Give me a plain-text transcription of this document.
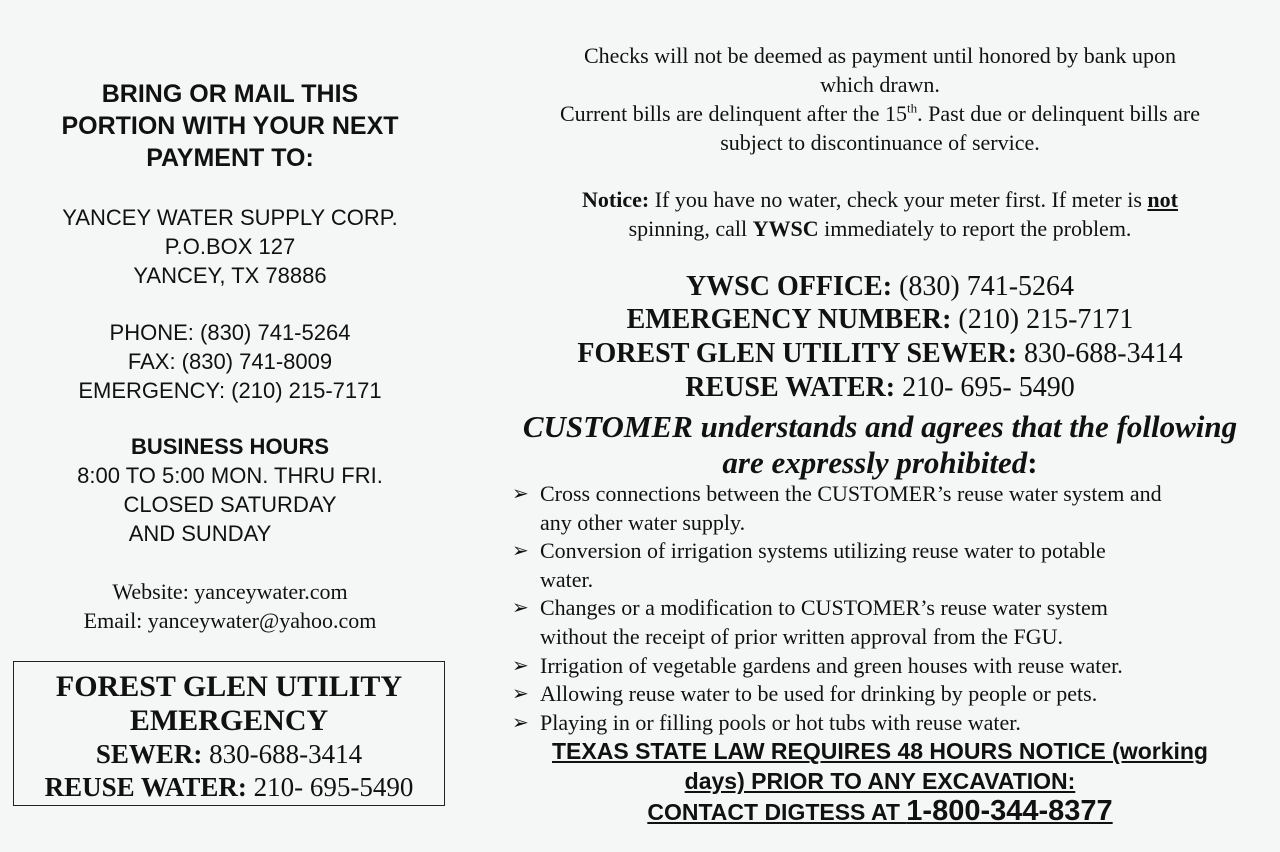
BRING OR MAIL THIS
PORTION WITH YOUR NEXT
PAYMENT TO:
YANCEY WATER SUPPLY CORP.
P.O.BOX 127
YANCEY, TX 78886
PHONE: (830) 741-5264
FAX: (830) 741-8009
EMERGENCY: (210) 215-7171
BUSINESS HOURS
8:00 TO 5:00 MON. THRU FRI.
CLOSED SATURDAY
AND SUNDAY
Website: yanceywater.com
Email: yanceywater@yahoo.com
FOREST GLEN UTILITY
EMERGENCY
SEWER: 830-688-3414
REUSE WATER: 210- 695-5490
Checks will not be deemed as payment until honored by bank upon
which drawn.
Current bills are delinquent after the 15th. Past due or delinquent bills are
subject to discontinuance of service.
Notice: If you have no water, check your meter first. If meter is not
spinning, call YWSC immediately to report the problem.
YWSC OFFICE: (830) 741-5264
EMERGENCY NUMBER: (210) 215-7171
FOREST GLEN UTILITY SEWER: 830-688-3414
REUSE WATER: 210- 695- 5490
CUSTOMER understands and agrees that the following
are expressly prohibited:
➢ Cross connections between the CUSTOMER’s reuse water system and
any other water supply.
➢ Conversion of irrigation systems utilizing reuse water to potable
water.
➢ Changes or a modification to CUSTOMER’s reuse water system
without the receipt of prior written approval from the FGU.
➢ Irrigation of vegetable gardens and green houses with reuse water.
➢ Allowing reuse water to be used for drinking by people or pets.
➢ Playing in or filling pools or hot tubs with reuse water.
TEXAS STATE LAW REQUIRES 48 HOURS NOTICE (working
days) PRIOR TO ANY EXCAVATION:
CONTACT DIGTESS AT 1-800-344-8377
